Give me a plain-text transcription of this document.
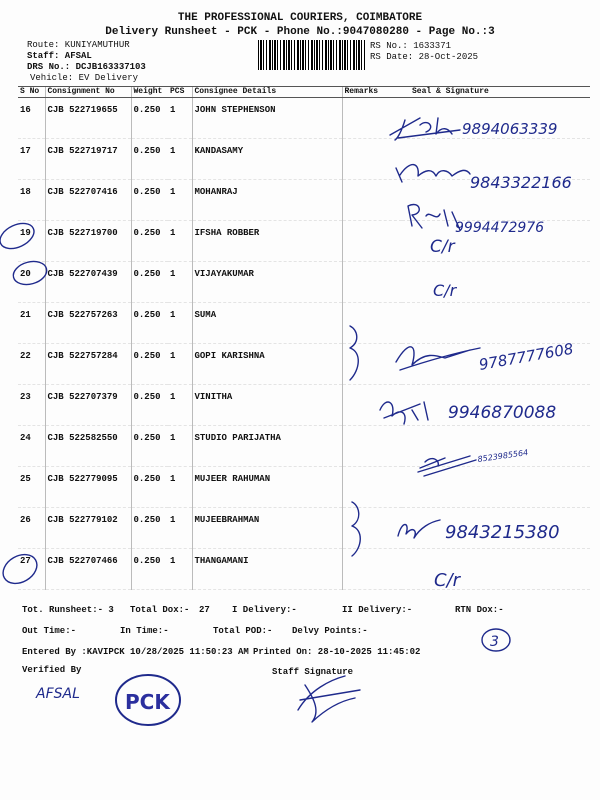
THE PROFESSIONAL COURIERS, COIMBATORE
Delivery Runsheet - PCK - Phone No.:9047080280 - Page No.:3
Route: KUNIYAMUTHUR
Staff: AFSAL
DRS No.: DCJB163337103
Vehicle: EV Delivery
RS No.: 1633371
RS Date: 28-Oct-2025
S No	Consignment No	Weight	PCS	Consignee Details	Remarks	Seal & Signature
16	CJB 522719655	0.250	1	JOHN STEPHENSON		
17	CJB 522719717	0.250	1	KANDASAMY		
18	CJB 522707416	0.250	1	MOHANRAJ		
19	CJB 522719700	0.250	1	IFSHA ROBBER		
20	CJB 522707439	0.250	1	VIJAYAKUMAR		
21	CJB 522757263	0.250	1	SUMA		
22	CJB 522757284	0.250	1	GOPI KARISHNA		
23	CJB 522707379	0.250	1	VINITHA		
24	CJB 522582550	0.250	1	STUDIO PARIJATHA		
25	CJB 522779095	0.250	1	MUJEER RAHUMAN		
26	CJB 522779102	0.250	1	MUJEEBRAHMAN		
27	CJB 522707466	0.250	1	THANGAMANI		
Tot. Runsheet:- 3 Total Dox:- 27 I Delivery:-	II Delivery:-	RTN Dox:-
Out Time:-	In Time:-	Total POD:- Delvy Points:-
Entered By :KAVIPCK 10/28/2025 11:50:23 AM Printed On: 28-10-2025 11:45:02
Verified By	Staff Signature
9894063339
9843322166
9994472976
C/r
C/r
9787777608
9946870088
8523985564
9843215380
C/r
3
AFSAL PCK
